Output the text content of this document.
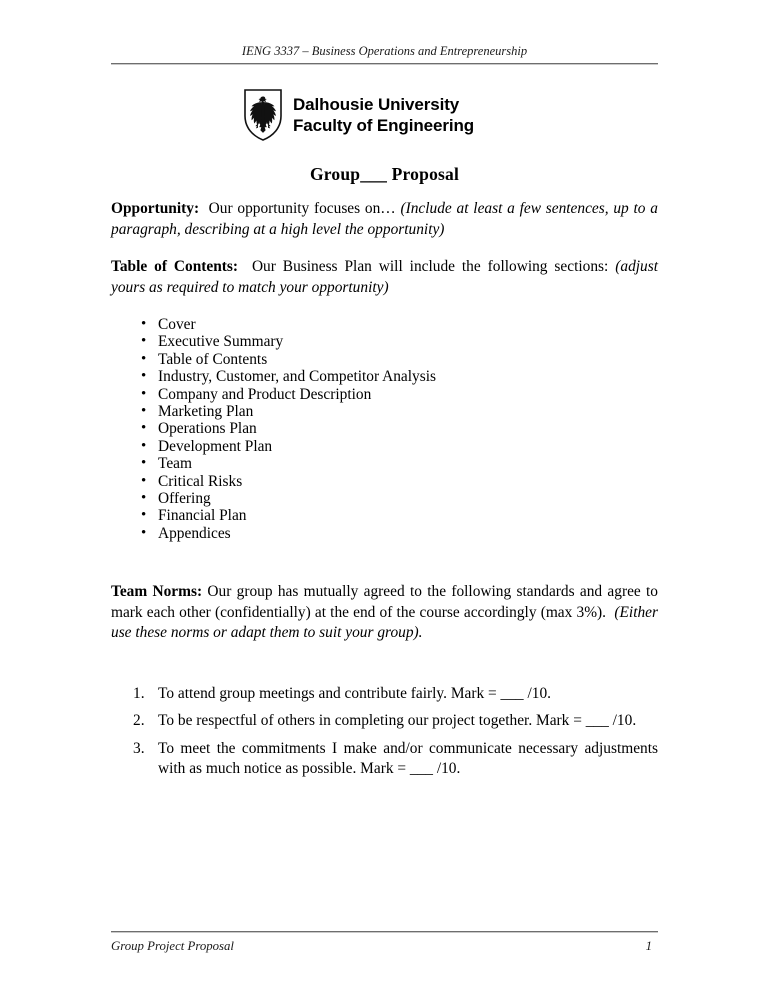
IENG 3337 – Business Operations and Entrepreneurship
Dalhousie University
Faculty of Engineering
Group___ Proposal

Opportunity: Our opportunity focuses on… (Include at least a few sentences, up to a paragraph, describing at a high level the opportunity)

Table of Contents: Our Business Plan will include the following sections: (adjust yours as required to match your opportunity)

• Cover
• Executive Summary
• Table of Contents
• Industry, Customer, and Competitor Analysis
• Company and Product Description
• Marketing Plan
• Operations Plan
• Development Plan
• Team
• Critical Risks
• Offering
• Financial Plan
• Appendices

Team Norms: Our group has mutually agreed to the following standards and agree to mark each other (confidentially) at the end of the course accordingly (max 3%). (Either use these norms or adapt them to suit your group).

1. To attend group meetings and contribute fairly. Mark = ___ /10.
2. To be respectful of others in completing our project together. Mark = ___ /10.
3. To meet the commitments I make and/or communicate necessary adjustments with as much notice as possible. Mark = ___ /10.
Group Project Proposal	1
